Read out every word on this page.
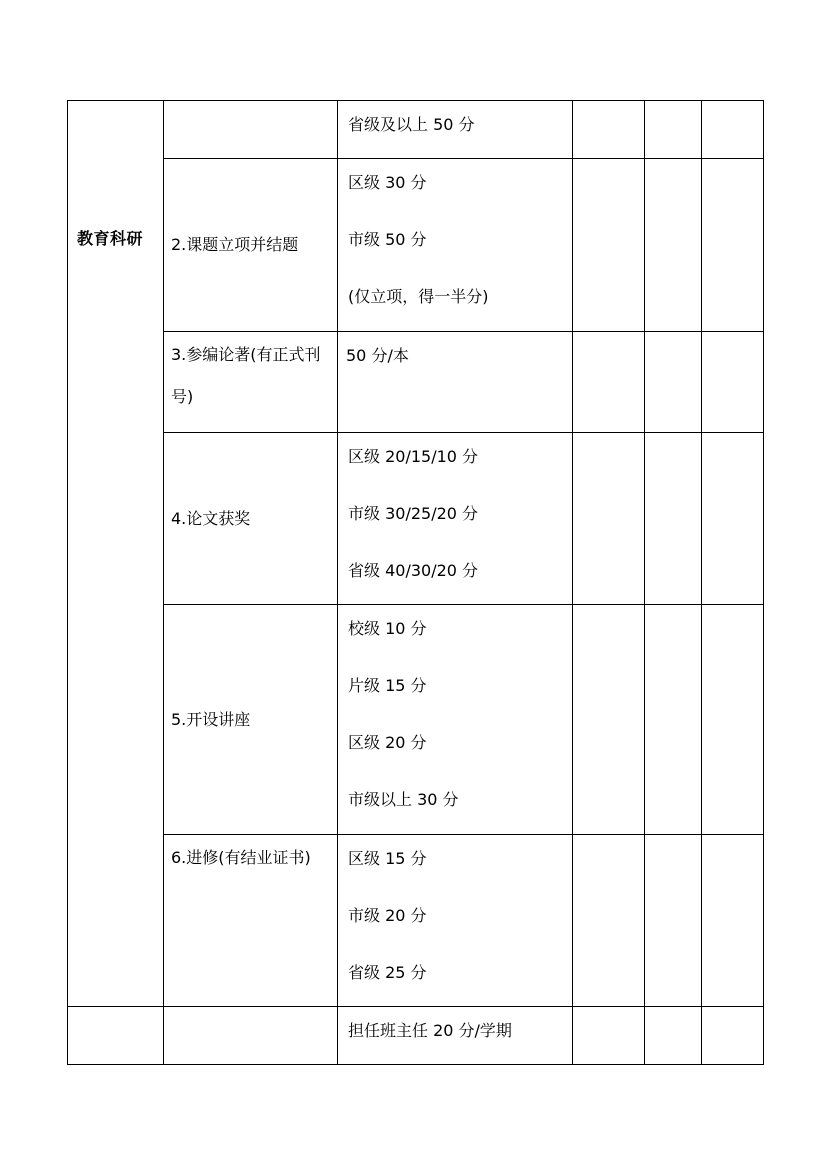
教育科研		省级及以上 50 分			

	2.课题立项并结题	区级 30 分
市级 50 分
(仅立项，得一半分)			

	3.参编论著(有正式刊号)	50 分/本			

	4.论文获奖	区级 20/15/10 分
市级 30/25/20 分
省级 40/30/20 分			

	5.开设讲座	校级 10 分
片级 15 分
区级 20 分
市级以上 30 分			

	6.进修(有结业证书)	区级 15 分
市级 20 分
省级 25 分			

		担任班主任 20 分/学期			
